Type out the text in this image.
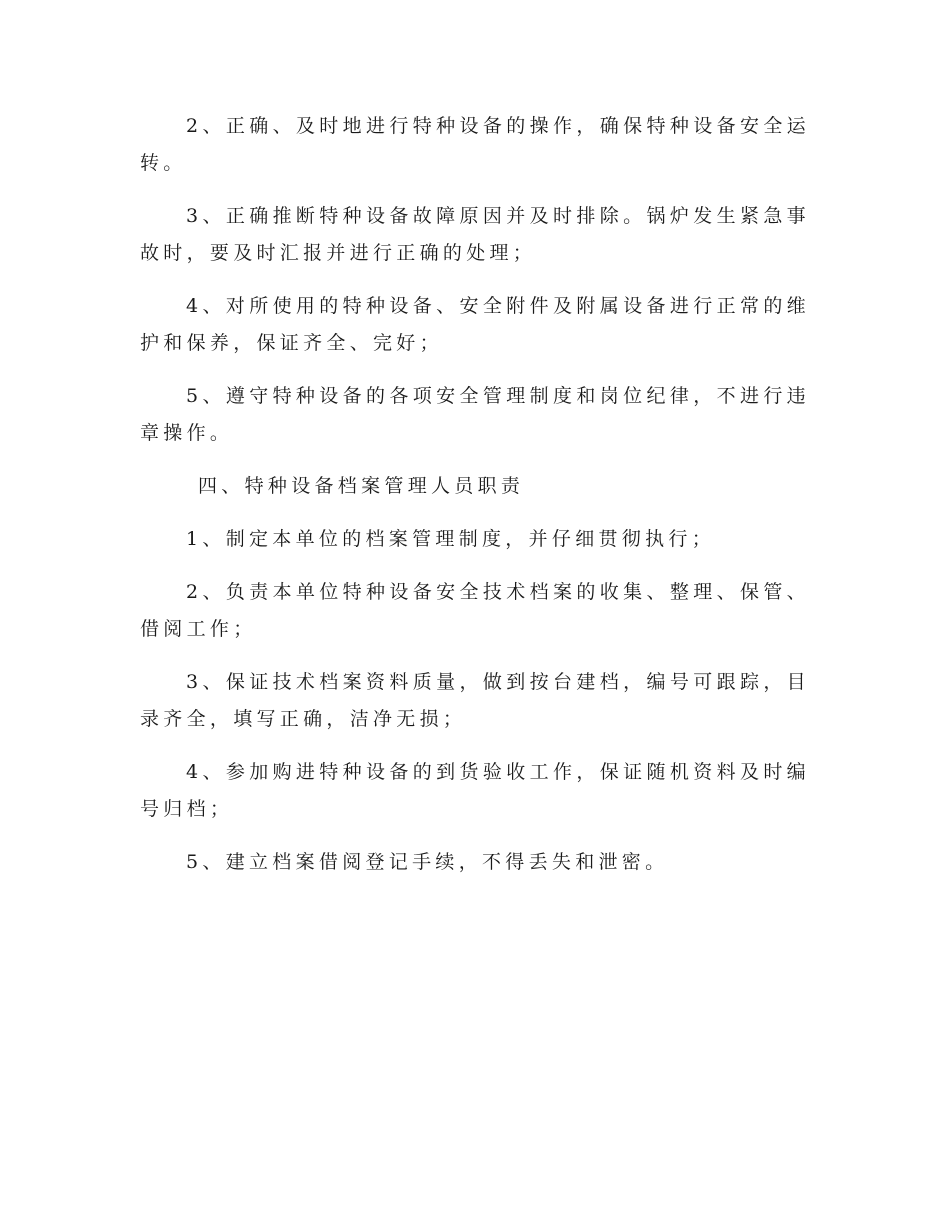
2、正确、及时地进行特种设备的操作，确保特种设备安全运转。

3、正确推断特种设备故障原因并及时排除。锅炉发生紧急事故时，要及时汇报并进行正确的处理；

4、对所使用的特种设备、安全附件及附属设备进行正常的维护和保养，保证齐全、完好；

5、遵守特种设备的各项安全管理制度和岗位纪律，不进行违章操作。

四、特种设备档案管理人员职责

1、制定本单位的档案管理制度，并仔细贯彻执行；

2、负责本单位特种设备安全技术档案的收集、整理、保管、借阅工作；

3、保证技术档案资料质量，做到按台建档，编号可跟踪，目录齐全，填写正确，洁净无损；

4、参加购进特种设备的到货验收工作，保证随机资料及时编号归档；

5、建立档案借阅登记手续，不得丢失和泄密。
